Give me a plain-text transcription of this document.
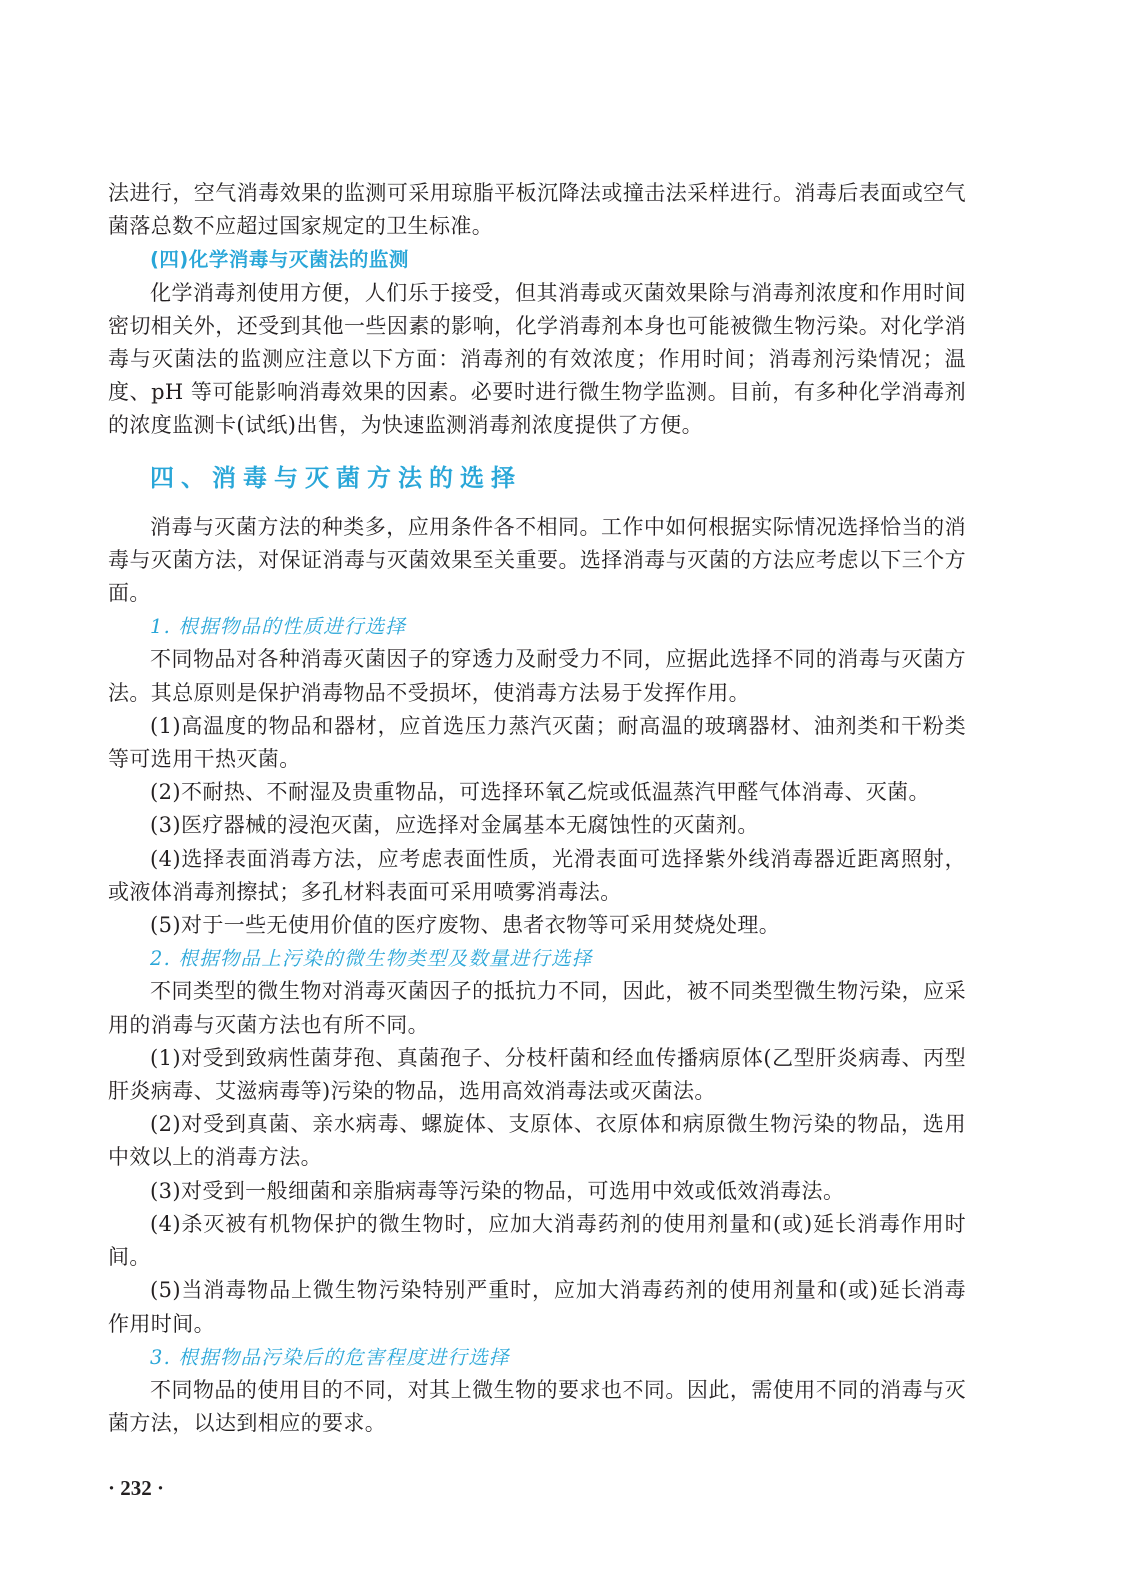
法进行，空气消毒效果的监测可采用琼脂平板沉降法或撞击法采样进行。消毒后表面或空气菌落总数不应超过国家规定的卫生标准。

(四)化学消毒与灭菌法的监测

化学消毒剂使用方便，人们乐于接受，但其消毒或灭菌效果除与消毒剂浓度和作用时间密切相关外，还受到其他一些因素的影响，化学消毒剂本身也可能被微生物污染。对化学消毒与灭菌法的监测应注意以下方面：消毒剂的有效浓度；作用时间；消毒剂污染情况；温度、pH 等可能影响消毒效果的因素。必要时进行微生物学监测。目前，有多种化学消毒剂的浓度监测卡(试纸)出售，为快速监测消毒剂浓度提供了方便。

四、消毒与灭菌方法的选择

消毒与灭菌方法的种类多，应用条件各不相同。工作中如何根据实际情况选择恰当的消毒与灭菌方法，对保证消毒与灭菌效果至关重要。选择消毒与灭菌的方法应考虑以下三个方面。

1. 根据物品的性质进行选择

不同物品对各种消毒灭菌因子的穿透力及耐受力不同，应据此选择不同的消毒与灭菌方法。其总原则是保护消毒物品不受损坏，使消毒方法易于发挥作用。

(1)高温度的物品和器材，应首选压力蒸汽灭菌；耐高温的玻璃器材、油剂类和干粉类等可选用干热灭菌。

(2)不耐热、不耐湿及贵重物品，可选择环氧乙烷或低温蒸汽甲醛气体消毒、灭菌。

(3)医疗器械的浸泡灭菌，应选择对金属基本无腐蚀性的灭菌剂。

(4)选择表面消毒方法，应考虑表面性质，光滑表面可选择紫外线消毒器近距离照射，或液体消毒剂擦拭；多孔材料表面可采用喷雾消毒法。

(5)对于一些无使用价值的医疗废物、患者衣物等可采用焚烧处理。

2. 根据物品上污染的微生物类型及数量进行选择

不同类型的微生物对消毒灭菌因子的抵抗力不同，因此，被不同类型微生物污染，应采用的消毒与灭菌方法也有所不同。

(1)对受到致病性菌芽孢、真菌孢子、分枝杆菌和经血传播病原体(乙型肝炎病毒、丙型肝炎病毒、艾滋病毒等)污染的物品，选用高效消毒法或灭菌法。

(2)对受到真菌、亲水病毒、螺旋体、支原体、衣原体和病原微生物污染的物品，选用中效以上的消毒方法。

(3)对受到一般细菌和亲脂病毒等污染的物品，可选用中效或低效消毒法。

(4)杀灭被有机物保护的微生物时，应加大消毒药剂的使用剂量和(或)延长消毒作用时间。

(5)当消毒物品上微生物污染特别严重时，应加大消毒药剂的使用剂量和(或)延长消毒作用时间。

3. 根据物品污染后的危害程度进行选择

不同物品的使用目的不同，对其上微生物的要求也不同。因此，需使用不同的消毒与灭菌方法，以达到相应的要求。

· 232 ·
